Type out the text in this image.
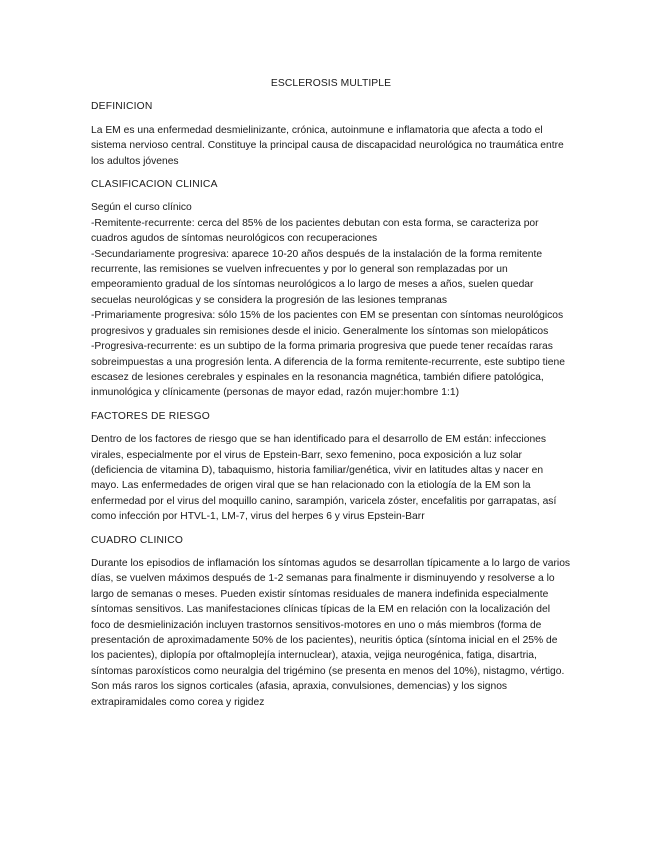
ESCLEROSIS MULTIPLE

DEFINICION

La EM es una enfermedad desmielinizante, crónica, autoinmune e inflamatoria que afecta a todo el sistema nervioso central. Constituye la principal causa de discapacidad neurológica no traumática entre los adultos jóvenes

CLASIFICACION CLINICA

Según el curso clínico

-Remitente-recurrente: cerca del 85% de los pacientes debutan con esta forma, se caracteriza por cuadros agudos de síntomas neurológicos con recuperaciones

-Secundariamente progresiva: aparece 10-20 años después de la instalación de la forma remitente recurrente, las remisiones se vuelven infrecuentes y por lo general son remplazadas por un empeoramiento gradual de los síntomas neurológicos a lo largo de meses a años, suelen quedar secuelas neurológicas y se considera la progresión de las lesiones tempranas

-Primariamente progresiva: sólo 15% de los pacientes con EM se presentan con síntomas neurológicos progresivos y graduales sin remisiones desde el inicio. Generalmente los síntomas son mielopáticos

-Progresiva-recurrente: es un subtipo de la forma primaria progresiva que puede tener recaídas raras sobreimpuestas a una progresión lenta. A diferencia de la forma remitente-recurrente, este subtipo tiene escasez de lesiones cerebrales y espinales en la resonancia magnética, también difiere patológica, inmunológica y clínicamente (personas de mayor edad, razón mujer:hombre 1:1)

FACTORES DE RIESGO

Dentro de los factores de riesgo que se han identificado para el desarrollo de EM están: infecciones virales, especialmente por el virus de Epstein-Barr, sexo femenino, poca exposición a luz solar (deficiencia de vitamina D), tabaquismo, historia familiar/genética, vivir en latitudes altas y nacer en mayo. Las enfermedades de origen viral que se han relacionado con la etiología de la EM son la enfermedad por el virus del moquillo canino, sarampión, varicela zóster, encefalitis por garrapatas, así como infección por HTVL-1, LM-7, virus del herpes 6 y virus Epstein-Barr

CUADRO CLINICO

Durante los episodios de inflamación los síntomas agudos se desarrollan típicamente a lo largo de varios días, se vuelven máximos después de 1-2 semanas para finalmente ir disminuyendo y resolverse a lo largo de semanas o meses. Pueden existir síntomas residuales de manera indefinida especialmente síntomas sensitivos. Las manifestaciones clínicas típicas de la EM en relación con la localización del foco de desmielinización incluyen trastornos sensitivos-motores en uno o más miembros (forma de presentación de aproximadamente 50% de los pacientes), neuritis óptica (síntoma inicial en el 25% de los pacientes), diplopía por oftalmoplejía internuclear), ataxia, vejiga neurogénica, fatiga, disartria, síntomas paroxísticos como neuralgia del trigémino (se presenta en menos del 10%), nistagmo, vértigo. Son más raros los signos corticales (afasia, apraxia, convulsiones, demencias) y los signos extrapiramidales como corea y rigidez
